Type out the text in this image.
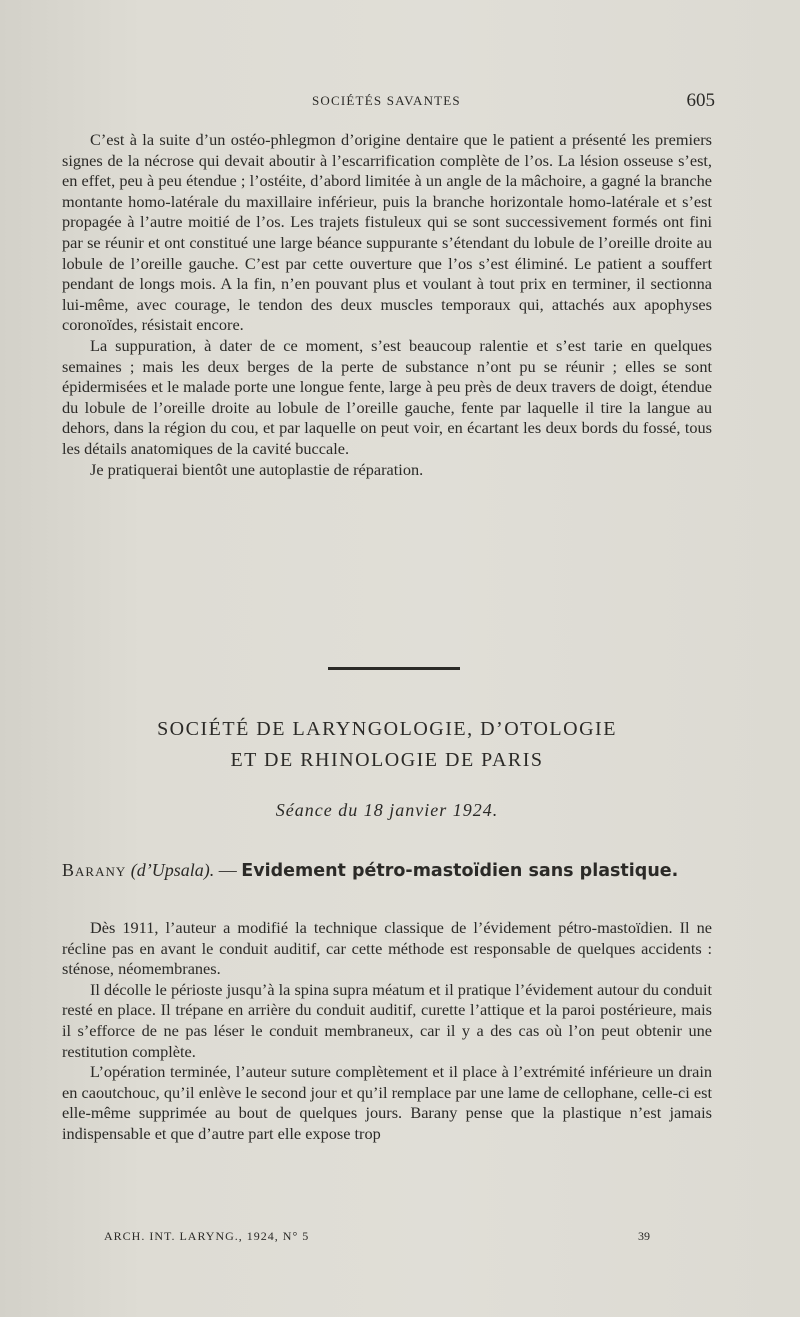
SOCIÉTÉS SAVANTES	605

C’est à la suite d’un ostéo-phlegmon d’origine dentaire que le patient a présenté les premiers signes de la nécrose qui devait aboutir à l’escarrification complète de l’os. La lésion osseuse s’est, en effet, peu à peu étendue ; l’ostéite, d’abord limitée à un angle de la mâchoire, a gagné la branche montante homo-latérale du maxillaire inférieur, puis la branche horizontale homo-latérale et s’est propagée à l’autre moitié de l’os. Les trajets fistuleux qui se sont successivement formés ont fini par se réunir et ont constitué une large béance suppurante s’étendant du lobule de l’oreille droite au lobule de l’oreille gauche. C’est par cette ouverture que l’os s’est éliminé. Le patient a souffert pendant de longs mois. A la fin, n’en pouvant plus et voulant à tout prix en terminer, il sectionna lui-même, avec courage, le tendon des deux muscles temporaux qui, attachés aux apophyses coronoïdes, résistait encore.

La suppuration, à dater de ce moment, s’est beaucoup ralentie et s’est tarie en quelques semaines ; mais les deux berges de la perte de substance n’ont pu se réunir ; elles se sont épidermisées et le malade porte une longue fente, large à peu près de deux travers de doigt, étendue du lobule de l’oreille droite au lobule de l’oreille gauche, fente par laquelle il tire la langue au dehors, dans la région du cou, et par laquelle on peut voir, en écartant les deux bords du fossé, tous les détails anatomiques de la cavité buccale.

Je pratiquerai bientôt une autoplastie de réparation.

SOCIÉTÉ DE LARYNGOLOGIE, D’OTOLOGIE
ET DE RHINOLOGIE DE PARIS
Séance du 18 janvier 1924.
Barany (d’Upsala). — Evidement pétro-mastoïdien sans plastique.

Dès 1911, l’auteur a modifié la technique classique de l’évidement pétro-mastoïdien. Il ne récline pas en avant le conduit auditif, car cette méthode est responsable de quelques accidents : sténose, néomembranes.

Il décolle le périoste jusqu’à la spina supra méatum et il pratique l’évidement autour du conduit resté en place. Il trépane en arrière du conduit auditif, curette l’attique et la paroi postérieure, mais il s’efforce de ne pas léser le conduit membraneux, car il y a des cas où l’on peut obtenir une restitution complète.

L’opération terminée, l’auteur suture complètement et il place à l’extrémité inférieure un drain en caoutchouc, qu’il enlève le second jour et qu’il remplace par une lame de cellophane, celle-ci est elle-même supprimée au bout de quelques jours. Barany pense que la plastique n’est jamais indispensable et que d’autre part elle expose trop

ARCH. INT. LARYNG., 1924, N° 5	39
